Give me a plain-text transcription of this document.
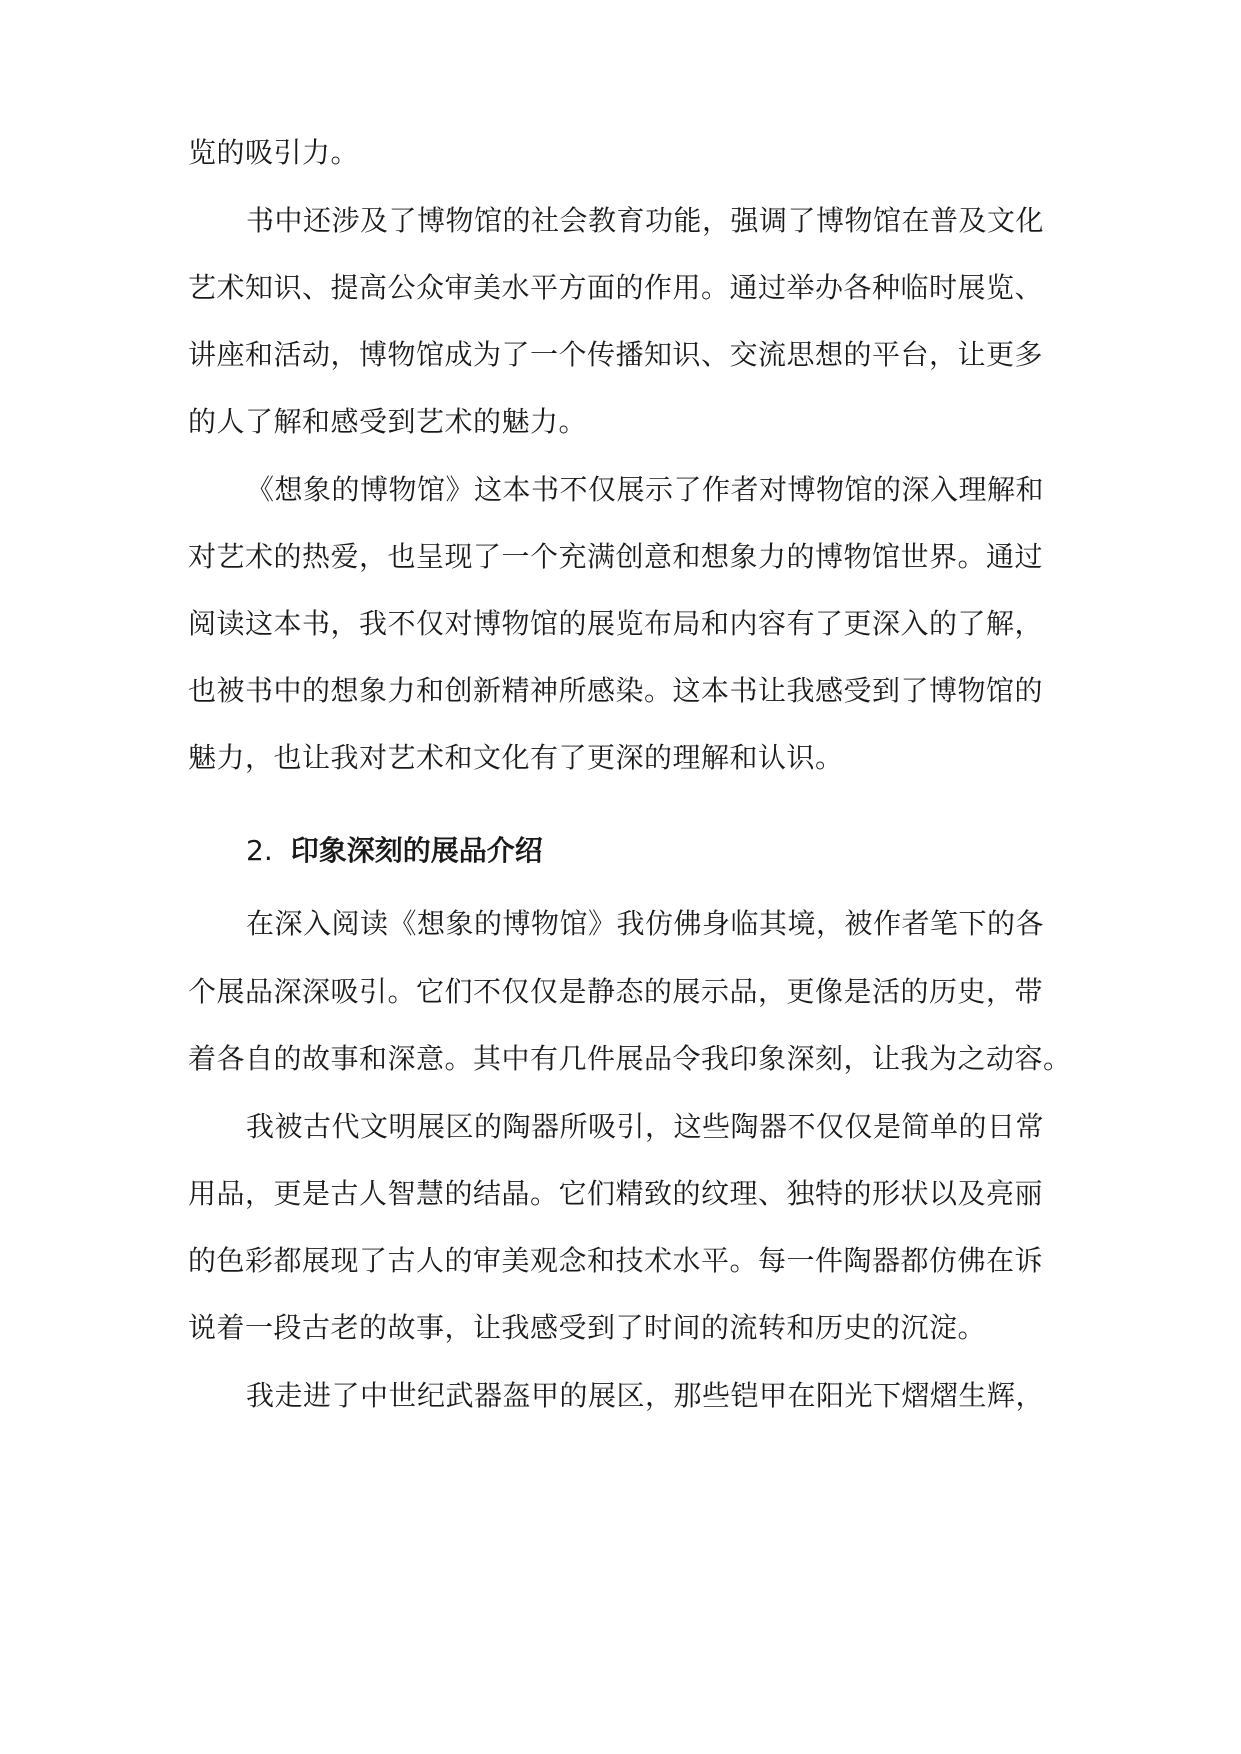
览的吸引力。
书中还涉及了博物馆的社会教育功能，强调了博物馆在普及文化
艺术知识、提高公众审美水平方面的作用。通过举办各种临时展览、
讲座和活动，博物馆成为了一个传播知识、交流思想的平台，让更多
的人了解和感受到艺术的魅力。
《想象的博物馆》这本书不仅展示了作者对博物馆的深入理解和
对艺术的热爱，也呈现了一个充满创意和想象力的博物馆世界。通过
阅读这本书，我不仅对博物馆的展览布局和内容有了更深入的了解，
也被书中的想象力和创新精神所感染。这本书让我感受到了博物馆的
魅力，也让我对艺术和文化有了更深的理解和认识。
2. 印象深刻的展品介绍
在深入阅读《想象的博物馆》我仿佛身临其境，被作者笔下的各
个展品深深吸引。它们不仅仅是静态的展示品，更像是活的历史，带
着各自的故事和深意。其中有几件展品令我印象深刻，让我为之动容。
我被古代文明展区的陶器所吸引，这些陶器不仅仅是简单的日常
用品，更是古人智慧的结晶。它们精致的纹理、独特的形状以及亮丽
的色彩都展现了古人的审美观念和技术水平。每一件陶器都仿佛在诉
说着一段古老的故事，让我感受到了时间的流转和历史的沉淀。
我走进了中世纪武器盔甲的展区，那些铠甲在阳光下熠熠生辉，
